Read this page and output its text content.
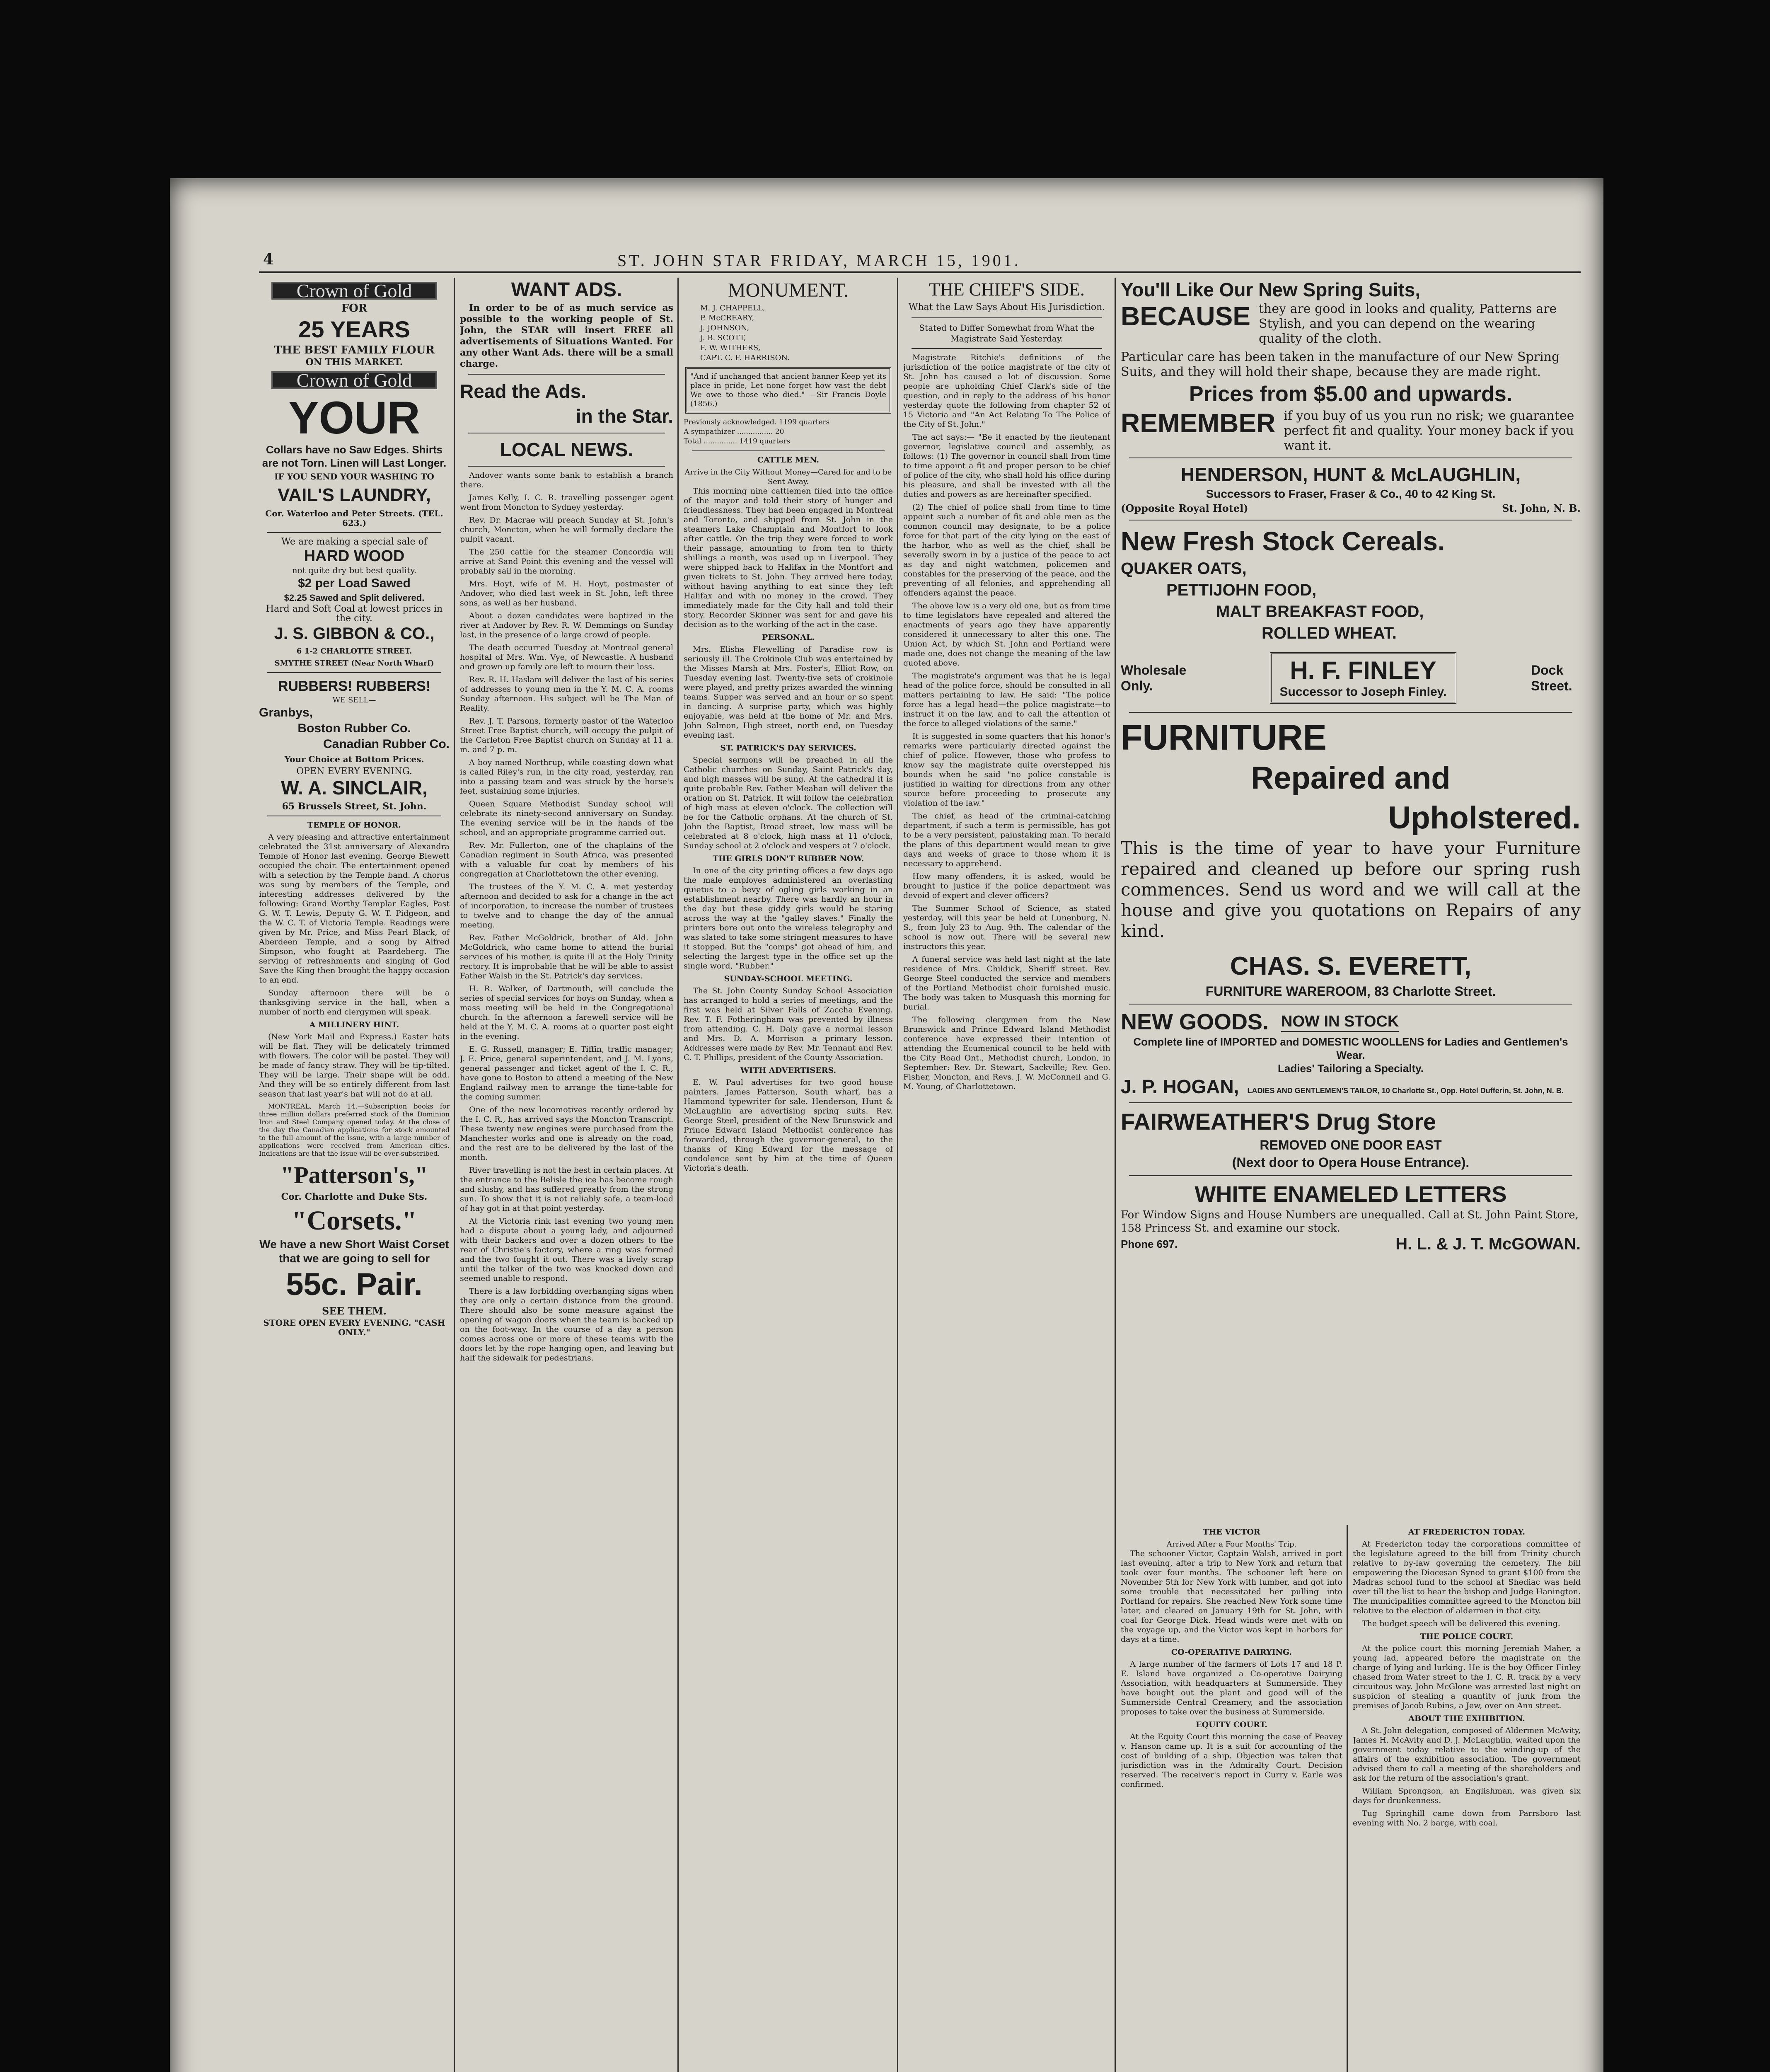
4	ST. JOHN STAR FRIDAY, MARCH 15, 1901.
Crown of Gold
FOR
25 YEARS
THE BEST FAMILY FLOUR
ON THIS MARKET.
Crown of Gold
YOUR
Collars have no Saw Edges. Shirts are not Torn. Linen will Last Longer.
IF YOU SEND YOUR WASHING TO
VAIL'S LAUNDRY,
Cor. Waterloo and Peter Streets. (TEL. 623.)
We are making a special sale of
HARD WOOD
not quite dry but best quality.
$2 per Load Sawed
$2.25 Sawed and Split delivered.
Hard and Soft Coal at lowest prices in the city.
J. S. GIBBON & CO.,
6 1-2 CHARLOTTE STREET.
SMYTHE STREET (Near North Wharf)
RUBBERS! RUBBERS!
WE SELL—
Granbys,
Boston Rubber Co.
Canadian Rubber Co.
Your Choice at Bottom Prices.
OPEN EVERY EVENING.
W. A. SINCLAIR,
65 Brussels Street, St. John.
TEMPLE OF HONOR.

A very pleasing and attractive entertainment celebrated the 31st anniversary of Alexandra Temple of Honor last evening. George Blewett occupied the chair. The entertainment opened with a selection by the Temple band. A chorus was sung by members of the Temple, and interesting addresses delivered by the following: Grand Worthy Templar Eagles, Past G. W. T. Lewis, Deputy G. W. T. Pidgeon, and the W. C. T. of Victoria Temple. Readings were given by Mr. Price, and Miss Pearl Black, of Aberdeen Temple, and a song by Alfred Simpson, who fought at Paardeberg. The serving of refreshments and singing of God Save the King then brought the happy occasion to an end.

Sunday afternoon there will be a thanksgiving service in the hall, when a number of north end clergymen will speak.

A MILLINERY HINT.

(New York Mail and Express.) Easter hats will be flat. They will be delicately trimmed with flowers. The color will be pastel. They will be made of fancy straw. They will be tip-tilted. They will be large. Their shape will be odd. And they will be so entirely different from last season that last year's hat will not do at all.

MONTREAL, March 14.—Subscription books for three million dollars preferred stock of the Dominion Iron and Steel Company opened today. At the close of the day the Canadian applications for stock amounted to the full amount of the issue, with a large number of applications were received from American cities. Indications are that the issue will be over-subscribed.

"Patterson's,"
Cor. Charlotte and Duke Sts.
"Corsets."
We have a new Short Waist Corset that we are going to sell for
55c. Pair.
SEE THEM.
STORE OPEN EVERY EVENING. "CASH ONLY."
WANT ADS.

In order to be of as much service as possible to the working people of St. John, the STAR will insert FREE all advertisements of Situations Wanted. For any other Want Ads. there will be a small charge.

Read the Ads.
in the Star.
LOCAL NEWS.

Andover wants some bank to establish a branch there.

James Kelly, I. C. R. travelling passenger agent went from Moncton to Sydney yesterday.

Rev. Dr. Macrae will preach Sunday at St. John's church, Moncton, when he will formally declare the pulpit vacant.

The 250 cattle for the steamer Concordia will arrive at Sand Point this evening and the vessel will probably sail in the morning.

Mrs. Hoyt, wife of M. H. Hoyt, postmaster of Andover, who died last week in St. John, left three sons, as well as her husband.

About a dozen candidates were baptized in the river at Andover by Rev. R. W. Demmings on Sunday last, in the presence of a large crowd of people.

The death occurred Tuesday at Montreal general hospital of Mrs. Wm. Vye, of Newcastle. A husband and grown up family are left to mourn their loss.

Rev. R. H. Haslam will deliver the last of his series of addresses to young men in the Y. M. C. A. rooms Sunday afternoon. His subject will be The Man of Reality.

Rev. J. T. Parsons, formerly pastor of the Waterloo Street Free Baptist church, will occupy the pulpit of the Carleton Free Baptist church on Sunday at 11 a. m. and 7 p. m.

A boy named Northrup, while coasting down what is called Riley's run, in the city road, yesterday, ran into a passing team and was struck by the horse's feet, sustaining some injuries.

Queen Square Methodist Sunday school will celebrate its ninety-second anniversary on Sunday. The evening service will be in the hands of the school, and an appropriate programme carried out.

Rev. Mr. Fullerton, one of the chaplains of the Canadian regiment in South Africa, was presented with a valuable fur coat by members of his congregation at Charlottetown the other evening.

The trustees of the Y. M. C. A. met yesterday afternoon and decided to ask for a change in the act of incorporation, to increase the number of trustees to twelve and to change the day of the annual meeting.

Rev. Father McGoldrick, brother of Ald. John McGoldrick, who came home to attend the burial services of his mother, is quite ill at the Holy Trinity rectory. It is improbable that he will be able to assist Father Walsh in the St. Patrick's day services.

H. R. Walker, of Dartmouth, will conclude the series of special services for boys on Sunday, when a mass meeting will be held in the Congregational church. In the afternoon a farewell service will be held at the Y. M. C. A. rooms at a quarter past eight in the evening.

E. G. Russell, manager; E. Tiffin, traffic manager; J. E. Price, general superintendent, and J. M. Lyons, general passenger and ticket agent of the I. C. R., have gone to Boston to attend a meeting of the New England railway men to arrange the time-table for the coming summer.

One of the new locomotives recently ordered by the I. C. R., has arrived says the Moncton Transcript. These twenty new engines were purchased from the Manchester works and one is already on the road, and the rest are to be delivered by the last of the month.

River travelling is not the best in certain places. At the entrance to the Belisle the ice has become rough and slushy, and has suffered greatly from the strong sun. To show that it is not reliably safe, a team-load of hay got in at that point yesterday.

At the Victoria rink last evening two young men had a dispute about a young lady, and adjourned with their backers and over a dozen others to the rear of Christie's factory, where a ring was formed and the two fought it out. There was a lively scrap until the talker of the two was knocked down and seemed unable to respond.

There is a law forbidding overhanging signs when they are only a certain distance from the ground. There should also be some measure against the opening of wagon doors when the team is backed up on the foot-way. In the course of a day a person comes across one or more of these teams with the doors let by the rope hanging open, and leaving but half the sidewalk for pedestrians.

MONUMENT.
M. J. CHAPPELL,
P. McCREARY,
J. JOHNSON,
J. B. SCOTT,
F. W. WITHERS,
CAPT. C. F. HARRISON.
"And if unchanged that ancient banner Keep yet its place in pride, Let none forget how vast the debt We owe to those who died." —Sir Francis Doyle (1856.)
Previously acknowledged. 1199 quarters
A sympathizer ................ 20
Total ............... 1419 quarters
CATTLE MEN.
Arrive in the City Without Money—Cared for and to be Sent Away.

This morning nine cattlemen filed into the office of the mayor and told their story of hunger and friendlessness. They had been engaged in Montreal and Toronto, and shipped from St. John in the steamers Lake Champlain and Montfort to look after cattle. On the trip they were forced to work their passage, amounting to from ten to thirty shillings a month, was used up in Liverpool. They were shipped back to Halifax in the Montfort and given tickets to St. John. They arrived here today, without having anything to eat since they left Halifax and with no money in the crowd. They immediately made for the City hall and told their story. Recorder Skinner was sent for and gave his decision as to the working of the act in the case.

PERSONAL.

Mrs. Elisha Flewelling of Paradise row is seriously ill. The Crokinole Club was entertained by the Misses Marsh at Mrs. Foster's, Elliot Row, on Tuesday evening last. Twenty-five sets of crokinole were played, and pretty prizes awarded the winning teams. Supper was served and an hour or so spent in dancing. A surprise party, which was highly enjoyable, was held at the home of Mr. and Mrs. John Salmon, High street, north end, on Tuesday evening last.

ST. PATRICK'S DAY SERVICES.

Special sermons will be preached in all the Catholic churches on Sunday, Saint Patrick's day, and high masses will be sung. At the cathedral it is quite probable Rev. Father Meahan will deliver the oration on St. Patrick. It will follow the celebration of high mass at eleven o'clock. The collection will be for the Catholic orphans. At the church of St. John the Baptist, Broad street, low mass will be celebrated at 8 o'clock, high mass at 11 o'clock, Sunday school at 2 o'clock and vespers at 7 o'clock.

THE GIRLS DON'T RUBBER NOW.

In one of the city printing offices a few days ago the male employes administered an overlasting quietus to a bevy of ogling girls working in an establishment nearby. There was hardly an hour in the day but these giddy girls would be staring across the way at the "galley slaves." Finally the printers bore out onto the wireless telegraphy and was slated to take some stringent measures to have it stopped. But the "comps" got ahead of him, and selecting the largest type in the office set up the single word, "Rubber."

SUNDAY-SCHOOL MEETING.

The St. John County Sunday School Association has arranged to hold a series of meetings, and the first was held at Silver Falls of Zaccha Evening. Rev. T. F. Fotheringham was prevented by illness from attending. C. H. Daly gave a normal lesson and Mrs. D. A. Morrison a primary lesson. Addresses were made by Rev. Mr. Tennant and Rev. C. T. Phillips, president of the County Association.

WITH ADVERTISERS.

E. W. Paul advertises for two good house painters. James Patterson, South wharf, has a Hammond typewriter for sale. Henderson, Hunt & McLaughlin are advertising spring suits. Rev. George Steel, president of the New Brunswick and Prince Edward Island Methodist conference has forwarded, through the governor-general, to the thanks of King Edward for the message of condolence sent by him at the time of Queen Victoria's death.

THE CHIEF'S SIDE.
What the Law Says About His Jurisdiction.
Stated to Differ Somewhat from What the Magistrate Said Yesterday.

Magistrate Ritchie's definitions of the jurisdiction of the police magistrate of the city of St. John has caused a lot of discussion. Some people are upholding Chief Clark's side of the question, and in reply to the address of his honor yesterday quote the following from chapter 52 of 15 Victoria and "An Act Relating To The Police of the City of St. John."

The act says:— "Be it enacted by the lieutenant governor, legislative council and assembly, as follows: (1) The governor in council shall from time to time appoint a fit and proper person to be chief of police of the city, who shall hold his office during his pleasure, and shall be invested with all the duties and powers as are hereinafter specified.

(2) The chief of police shall from time to time appoint such a number of fit and able men as the common council may designate, to be a police force for that part of the city lying on the east of the harbor, who as well as the chief, shall be severally sworn in by a justice of the peace to act as day and night watchmen, policemen and constables for the preserving of the peace, and the preventing of all felonies, and apprehending all offenders against the peace.

The above law is a very old one, but as from time to time legislators have repealed and altered the enactments of years ago they have apparently considered it unnecessary to alter this one. The Union Act, by which St. John and Portland were made one, does not change the meaning of the law quoted above.

The magistrate's argument was that he is legal head of the police force, should be consulted in all matters pertaining to law. He said: "The police force has a legal head—the police magistrate—to instruct it on the law, and to call the attention of the force to alleged violations of the same."

It is suggested in some quarters that his honor's remarks were particularly directed against the chief of police. However, those who profess to know say the magistrate quite overstepped his bounds when he said "no police constable is justified in waiting for directions from any other source before proceeding to prosecute any violation of the law."

The chief, as head of the criminal-catching department, if such a term is permissible, has got to be a very persistent, painstaking man. To herald the plans of this department would mean to give days and weeks of grace to those whom it is necessary to apprehend.

How many offenders, it is asked, would be brought to justice if the police department was devoid of expert and clever officers?

The Summer School of Science, as stated yesterday, will this year be held at Lunenburg, N. S., from July 23 to Aug. 9th. The calendar of the school is now out. There will be several new instructors this year.

A funeral service was held last night at the late residence of Mrs. Childick, Sheriff street. Rev. George Steel conducted the service and members of the Portland Methodist choir furnished music. The body was taken to Musquash this morning for burial.

The following clergymen from the New Brunswick and Prince Edward Island Methodist conference have expressed their intention of attending the Ecumenical council to be held with the City Road Ont., Methodist church, London, in September: Rev. Dr. Stewart, Sackville; Rev. Geo. Fisher, Moncton, and Revs. J. W. McConnell and G. M. Young, of Charlottetown.

You'll Like Our New Spring Suits,
BECAUSE they are good in looks and quality, Patterns are Stylish, and you can depend on the wearing quality of the cloth.
Particular care has been taken in the manufacture of our New Spring Suits, and they will hold their shape, because they are made right.
Prices from $5.00 and upwards.
REMEMBER if you buy of us you run no risk; we guarantee perfect fit and quality. Your money back if you want it.
HENDERSON, HUNT & McLAUGHLIN,
Successors to Fraser, Fraser & Co., 40 to 42 King St.
(Opposite Royal Hotel)	St. John, N. B.
New Fresh Stock Cereals.
QUAKER OATS,
PETTIJOHN FOOD,
MALT BREAKFAST FOOD,
ROLLED WHEAT.
Wholesale Only.
H. F. FINLEY
Successor to Joseph Finley.
Dock Street.
FURNITURE
Repaired and
Upholstered.
This is the time of year to have your Furniture repaired and cleaned up before our spring rush commences. Send us word and we will call at the house and give you quotations on Repairs of any kind.
CHAS. S. EVERETT,
FURNITURE WAREROOM, 83 Charlotte Street.
NEW GOODS. NOW IN STOCK
Complete line of IMPORTED and DOMESTIC WOOLLENS for Ladies and Gentlemen's Wear.
Ladies' Tailoring a Specialty.
J. P. HOGAN, LADIES AND GENTLEMEN'S TAILOR, 10 Charlotte St., Opp. Hotel Dufferin, St. John, N. B.
FAIRWEATHER'S Drug Store
REMOVED ONE DOOR EAST
(Next door to Opera House Entrance).
WHITE ENAMELED LETTERS
For Window Signs and House Numbers are unequalled. Call at St. John Paint Store, 158 Princess St. and examine our stock.
Phone 697.	H. L. & J. T. McGOWAN.
THE VICTOR
Arrived After a Four Months' Trip.

The schooner Victor, Captain Walsh, arrived in port last evening, after a trip to New York and return that took over four months. The schooner left here on November 5th for New York with lumber, and got into some trouble that necessitated her pulling into Portland for repairs. She reached New York some time later, and cleared on January 19th for St. John, with coal for George Dick. Head winds were met with on the voyage up, and the Victor was kept in harbors for days at a time.

CO-OPERATIVE DAIRYING.

A large number of the farmers of Lots 17 and 18 P. E. Island have organized a Co-operative Dairying Association, with headquarters at Summerside. They have bought out the plant and good will of the Summerside Central Creamery, and the association proposes to take over the business at Summerside.

EQUITY COURT.

At the Equity Court this morning the case of Peavey v. Hanson came up. It is a suit for accounting of the cost of building of a ship. Objection was taken that jurisdiction was in the Admiralty Court. Decision reserved. The receiver's report in Curry v. Earle was confirmed.

AT FREDERICTON TODAY.

At Fredericton today the corporations committee of the legislature agreed to the bill from Trinity church relative to by-law governing the cemetery. The bill empowering the Diocesan Synod to grant $100 from the Madras school fund to the school at Shediac was held over till the list to hear the bishop and Judge Hanington. The municipalities committee agreed to the Moncton bill relative to the election of aldermen in that city.

The budget speech will be delivered this evening.

THE POLICE COURT.

At the police court this morning Jeremiah Maher, a young lad, appeared before the magistrate on the charge of lying and lurking. He is the boy Officer Finley chased from Water street to the I. C. R. track by a very circuitous way. John McGlone was arrested last night on suspicion of stealing a quantity of junk from the premises of Jacob Rubins, a Jew, over on Ann street.

ABOUT THE EXHIBITION.

A St. John delegation, composed of Aldermen McAvity, James H. McAvity and D. J. McLaughlin, waited upon the government today relative to the winding-up of the affairs of the exhibition association. The government advised them to call a meeting of the shareholders and ask for the return of the association's grant.

William Sprongson, an Englishman, was given six days for drunkenness.

Tug Springhill came down from Parrsboro last evening with No. 2 barge, with coal.
